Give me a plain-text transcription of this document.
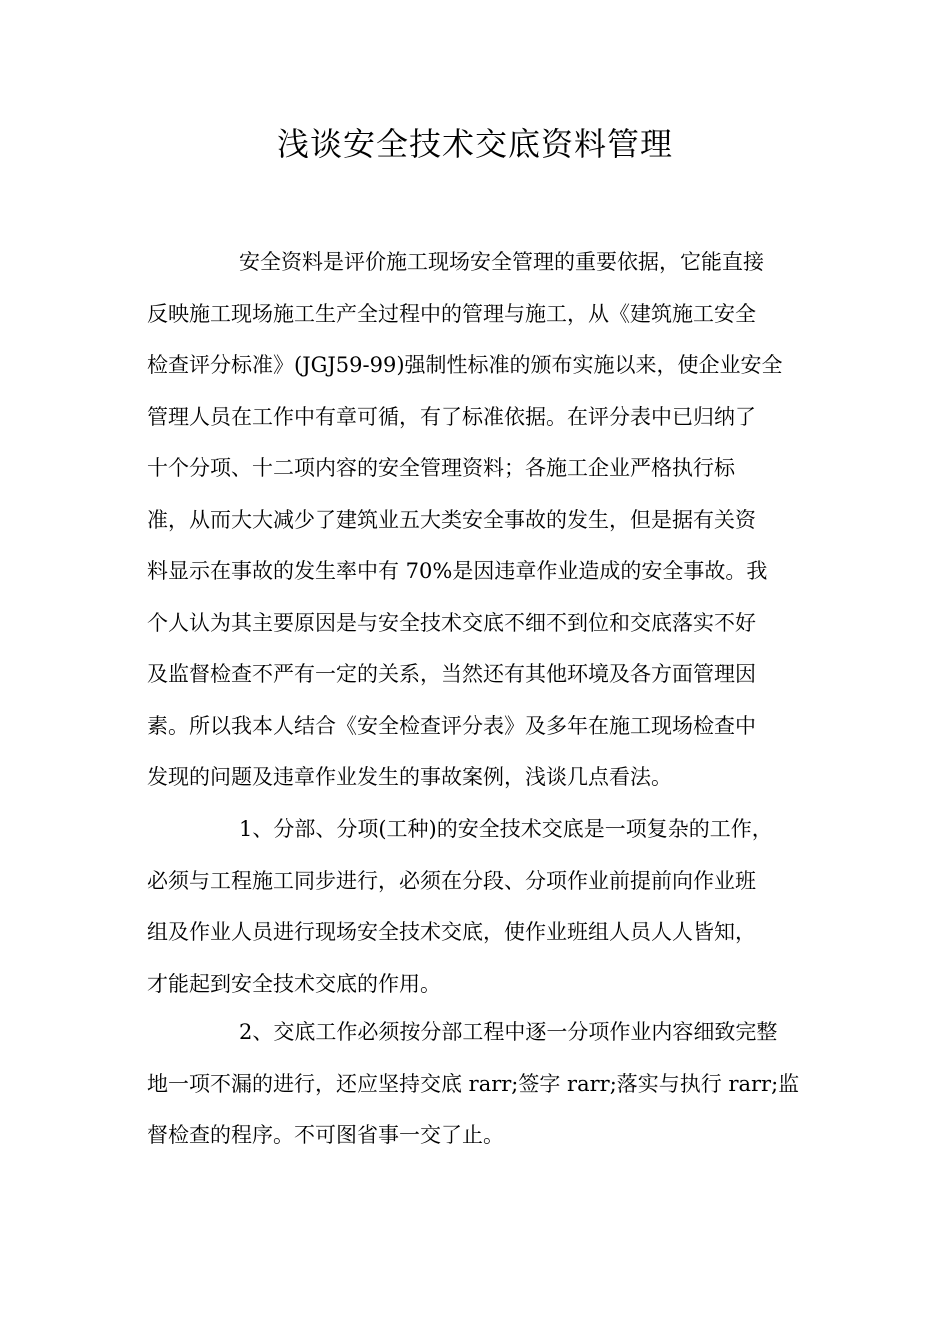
浅谈安全技术交底资料管理
安全资料是评价施工现场安全管理的重要依据，它能直接
反映施工现场施工生产全过程中的管理与施工，从《建筑施工安全
检查评分标准》(JGJ59-99)强制性标准的颁布实施以来，使企业安全
管理人员在工作中有章可循，有了标准依据。在评分表中已归纳了
十个分项、十二项内容的安全管理资料；各施工企业严格执行标
准，从而大大减少了建筑业五大类安全事故的发生，但是据有关资
料显示在事故的发生率中有 70%是因违章作业造成的安全事故。我
个人认为其主要原因是与安全技术交底不细不到位和交底落实不好
及监督检查不严有一定的关系，当然还有其他环境及各方面管理因
素。所以我本人结合《安全检查评分表》及多年在施工现场检查中
发现的问题及违章作业发生的事故案例，浅谈几点看法。
1、分部、分项(工种)的安全技术交底是一项复杂的工作，
必须与工程施工同步进行，必须在分段、分项作业前提前向作业班
组及作业人员进行现场安全技术交底，使作业班组人员人人皆知，
才能起到安全技术交底的作用。
2、交底工作必须按分部工程中逐一分项作业内容细致完整
地一项不漏的进行，还应坚持交底 rarr;签字 rarr;落实与执行 rarr;监
督检查的程序。不可图省事一交了止。
